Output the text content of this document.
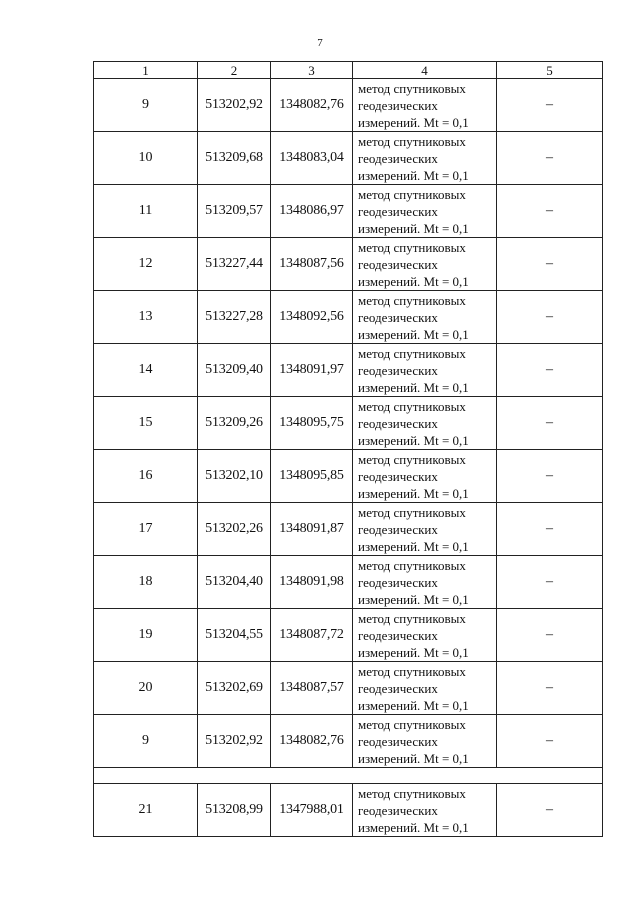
7
1	2	3	4	5
9	513202,92	1348082,76	метод спутниковых
геодезических
измерений. Mt = 0,1	–
10	513209,68	1348083,04	метод спутниковых
геодезических
измерений. Mt = 0,1	–
11	513209,57	1348086,97	метод спутниковых
геодезических
измерений. Mt = 0,1	–
12	513227,44	1348087,56	метод спутниковых
геодезических
измерений. Mt = 0,1	–
13	513227,28	1348092,56	метод спутниковых
геодезических
измерений. Mt = 0,1	–
14	513209,40	1348091,97	метод спутниковых
геодезических
измерений. Mt = 0,1	–
15	513209,26	1348095,75	метод спутниковых
геодезических
измерений. Mt = 0,1	–
16	513202,10	1348095,85	метод спутниковых
геодезических
измерений. Mt = 0,1	–
17	513202,26	1348091,87	метод спутниковых
геодезических
измерений. Mt = 0,1	–
18	513204,40	1348091,98	метод спутниковых
геодезических
измерений. Mt = 0,1	–
19	513204,55	1348087,72	метод спутниковых
геодезических
измерений. Mt = 0,1	–
20	513202,69	1348087,57	метод спутниковых
геодезических
измерений. Mt = 0,1	–
9	513202,92	1348082,76	метод спутниковых
геодезических
измерений. Mt = 0,1	–

21	513208,99	1347988,01	метод спутниковых
геодезических
измерений. Mt = 0,1	–
